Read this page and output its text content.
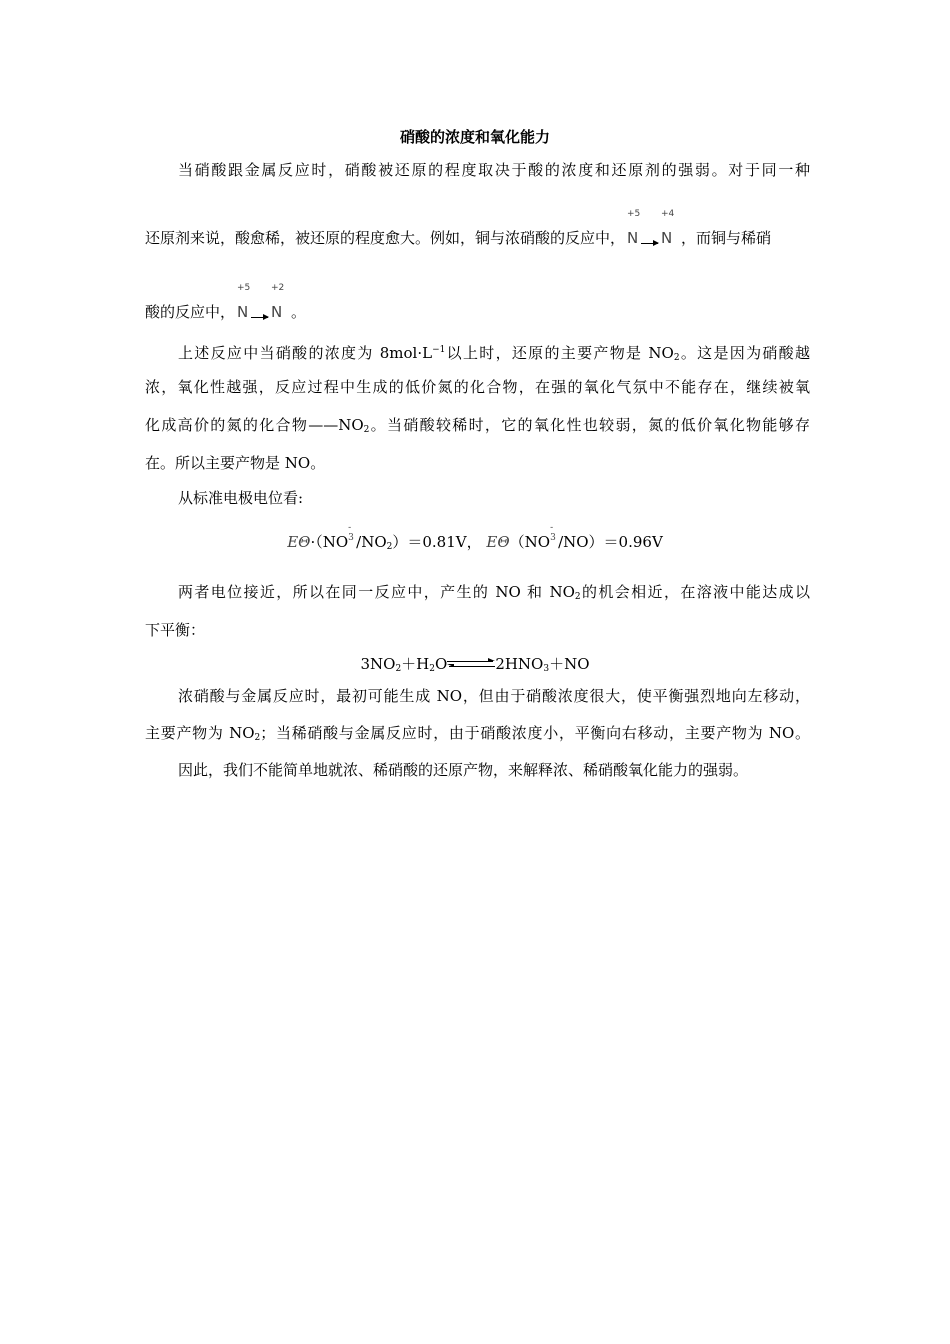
硝酸的浓度和氧化能力
当硝酸跟金属反应时，硝酸被还原的程度取决于酸的浓度和还原剂的强弱。对于同一种
还原剂来说，酸愈稀，被还原的程度愈大。例如，铜与浓硝酸的反应中，
+5
N
+4
N ，而铜与稀硝
酸的反应中，
+5
N
+2
N 。
上述反应中当硝酸的浓度为 $8mol\cdot L^{-1}$以上时，还原的主要产物是 $NO_2$。这是因为硝酸越
浓，氧化性越强，反应过程中生成的低价氮的化合物，在强的氧化气氛中不能存在，继续被氧
化成高价的氮的化合物$——NO_2$。当硝酸较稀时，它的氧化性也较弱，氮的低价氧化物能够存
在。所以主要产物是 NO。
从标准电极电位看:
EΘ·（NO
-
3 $/NO_2)=0.81V$， EΘ（NO
-
3 /NO）＝0.96V
两者电位接近，所以在同一反应中，产生的 NO 和 $NO_2$的机会相近，在溶液中能达成以
下平衡：
$3NO_2+H_2O\rightleftharpoons 2HNO_3+NO$
浓硝酸与金属反应时，最初可能生成 NO，但由于硝酸浓度很大，使平衡强烈地向左移动，
主要产物为 $NO_2$；当稀硝酸与金属反应时，由于硝酸浓度小，平衡向右移动，主要产物为 NO。
因此，我们不能简单地就浓、稀硝酸的还原产物，来解释浓、稀硝酸氧化能力的强弱。
